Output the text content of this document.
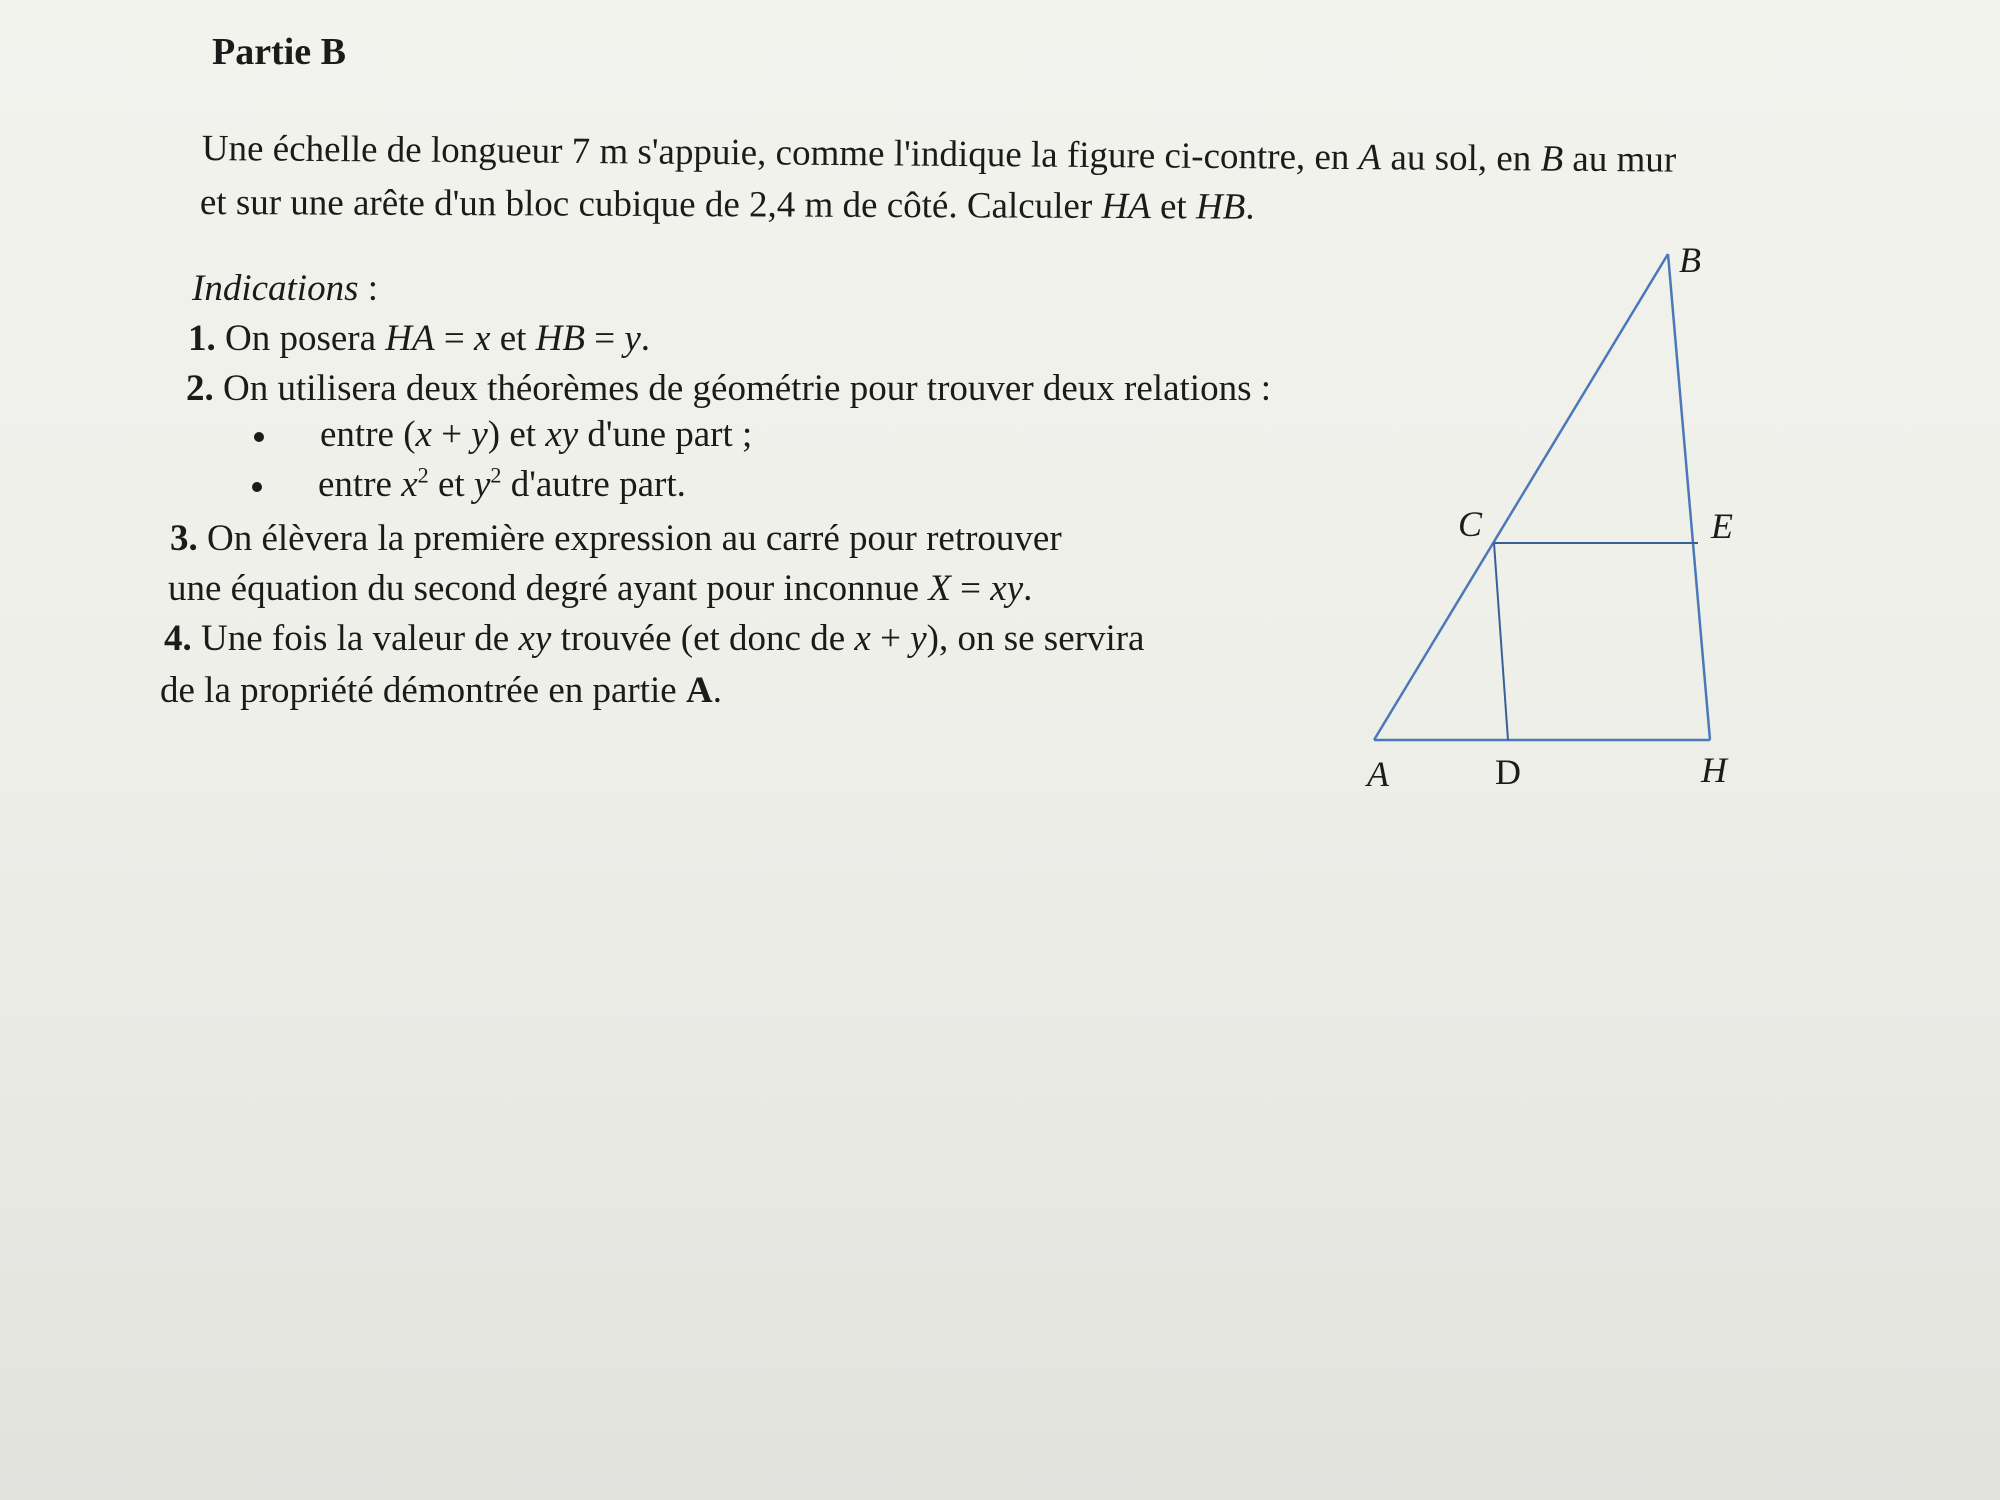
Partie B
Une échelle de longueur 7 m s'appuie, comme l'indique la figure ci-contre, en A au sol, en B au mur
et sur une arête d'un bloc cubique de 2,4 m de côté. Calculer HA et HB.
Indications :
1. On posera HA = x et HB = y.
2. On utilisera deux théorèmes de géométrie pour trouver deux relations :
entre (x + y) et xy d'une part ;
entre $x^2$ et $y^2$ d'autre part.
3. On élèvera la première expression au carré pour retrouver
une équation du second degré ayant pour inconnue X = xy.
4. Une fois la valeur de xy trouvée (et donc de x + y), on se servira
de la propriété démontrée en partie A.
A
B
C
D
E
H
